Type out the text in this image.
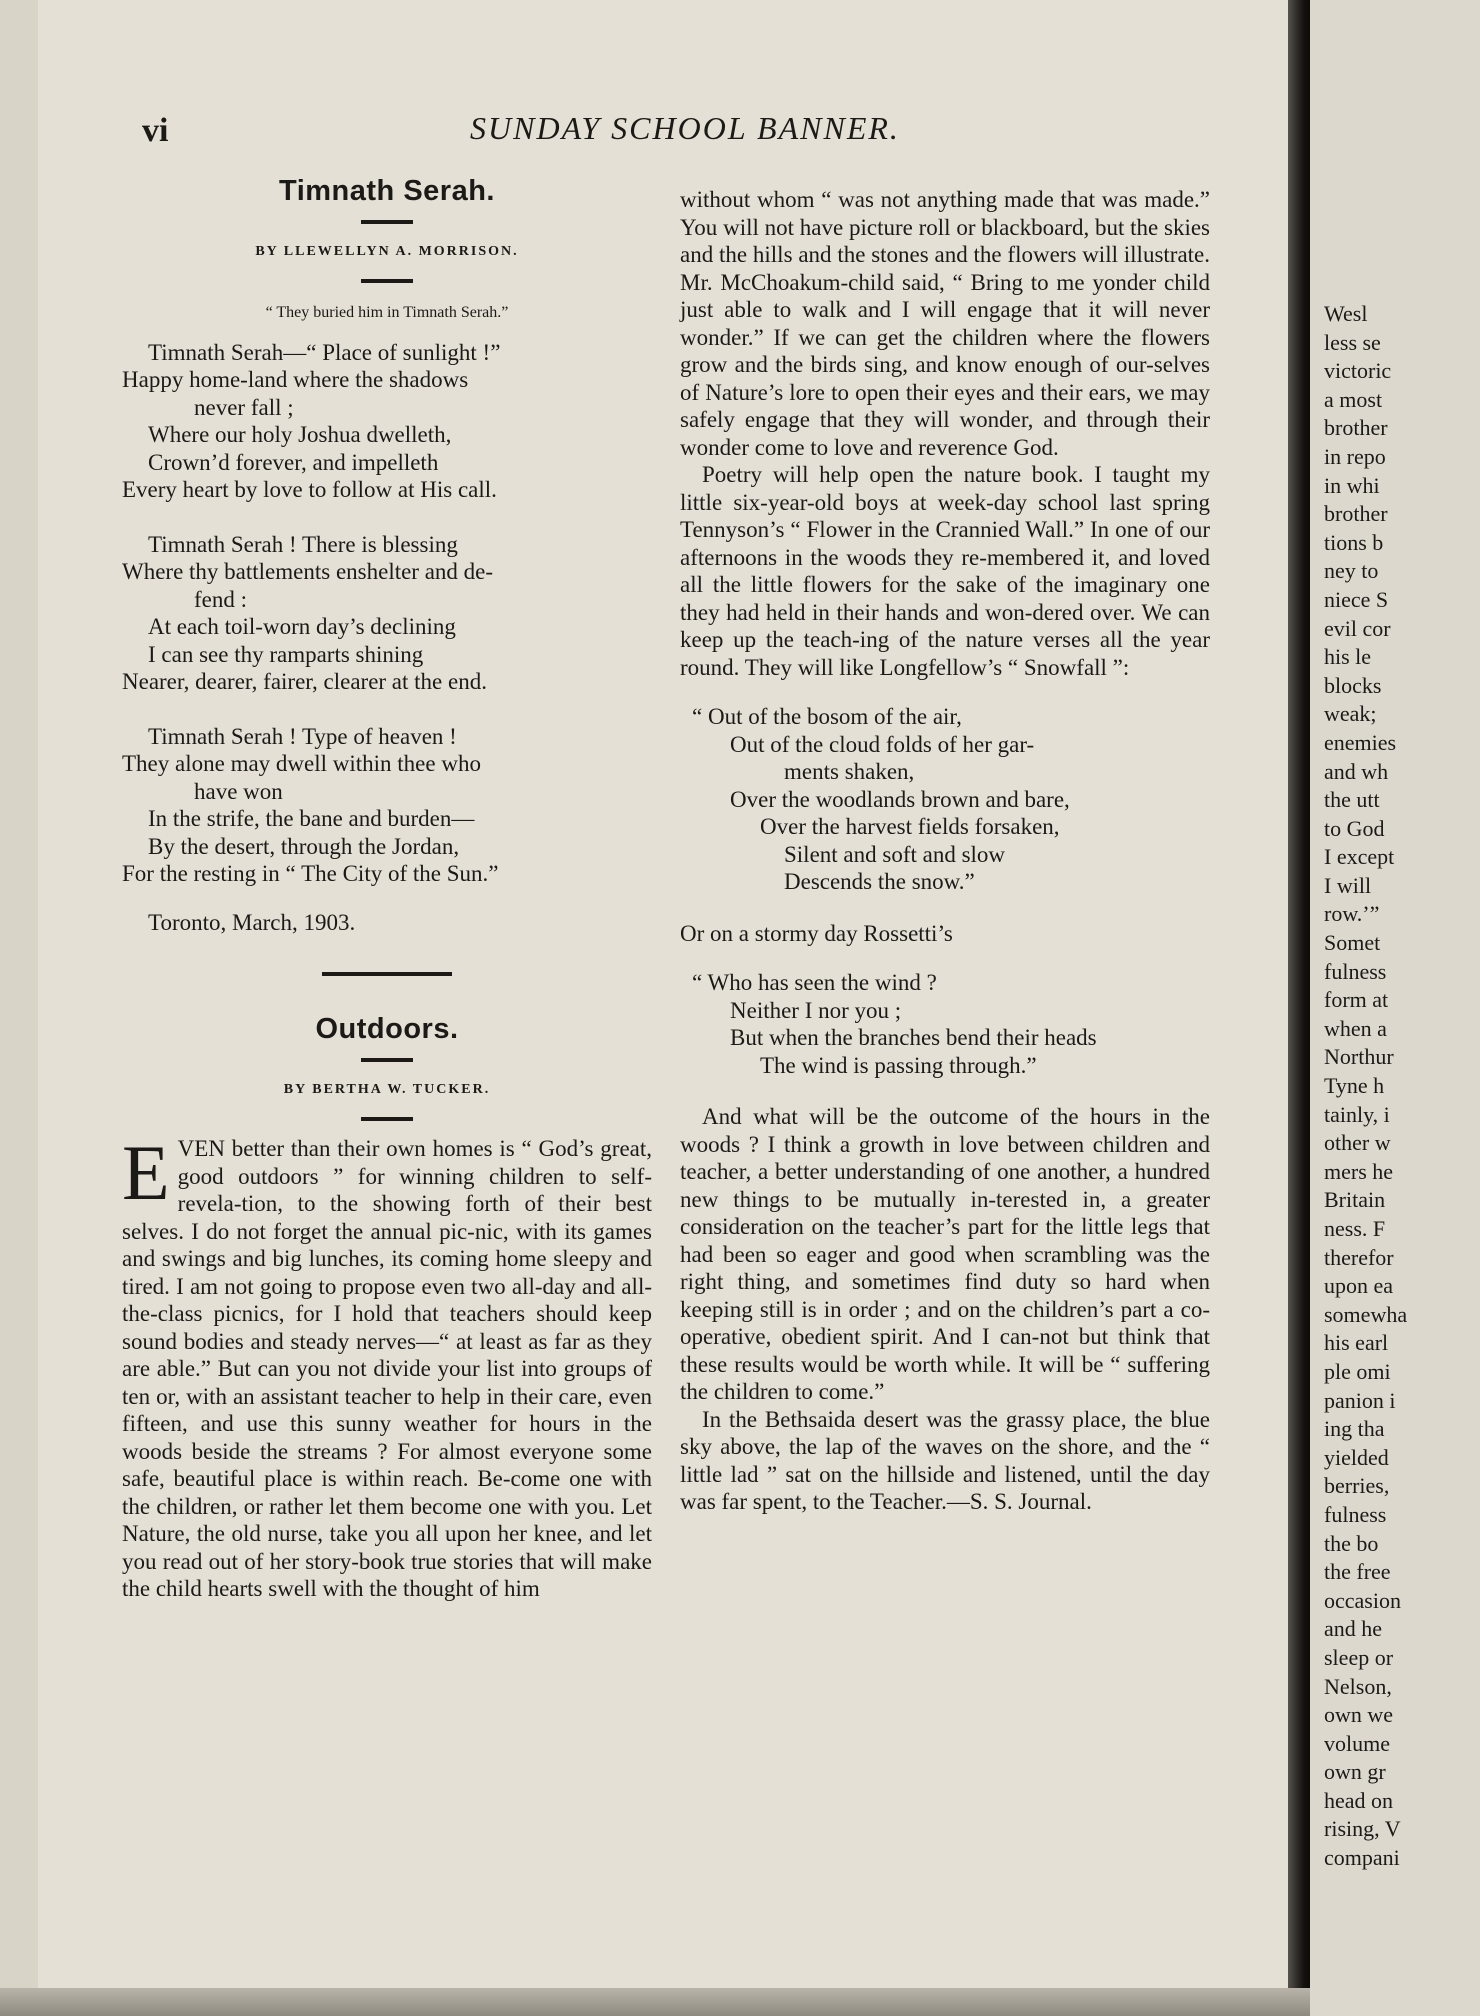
Wesl
less se
victoric
a most
brother
in repo
in whi
brother
tions b
ney to
niece S
evil cor
his le
blocks
weak;
enemies
and wh
the utt
to God
I except
I will
row.’”
Somet
fulness
form at
when a
Northur
Tyne h
tainly, i
other w
mers he
Britain
ness. F
therefor
upon ea
somewha
his earl
ple omi
panion i
ing tha
yielded
berries,
fulness
the bo
the free
occasion
and he
sleep or
Nelson,
own we
volume
own gr
head on
rising, V
compani
vi	SUNDAY SCHOOL BANNER.
Timnath Serah.
BY LLEWELLYN A. MORRISON.
“ They buried him in Timnath Serah.”
Timnath Serah—“ Place of sunlight !”
Happy home-land where the shadows
never fall ;
Where our holy Joshua dwelleth,
Crown’d forever, and impelleth
Every heart by love to follow at His call.
Timnath Serah ! There is blessing
Where thy battlements enshelter and de-
fend :
At each toil-worn day’s declining
I can see thy ramparts shining
Nearer, dearer, fairer, clearer at the end.
Timnath Serah ! Type of heaven !
They alone may dwell within thee who
have won
In the strife, the bane and burden—
By the desert, through the Jordan,
For the resting in “ The City of the Sun.”
Toronto, March, 1903.
Outdoors.
BY BERTHA W. TUCKER.
E VEN better than their own homes is “ God’s great, good outdoors ” for winning children to self-revela-tion, to the showing forth of their best selves. I do not forget the annual pic-nic, with its games and swings and big lunches, its coming home sleepy and tired. I am not going to propose even two all-day and all-the-class picnics, for I hold that teachers should keep sound bodies and steady nerves—“ at least as far as they are able.” But can you not divide your list into groups of ten or, with an assistant teacher to help in their care, even fifteen, and use this sunny weather for hours in the woods beside the streams ? For almost everyone some safe, beautiful place is within reach. Be-come one with the children, or rather let them become one with you. Let Nature, the old nurse, take you all upon her knee, and let you read out of her story-book true stories that will make the child hearts swell with the thought of him

without whom “ was not anything made that was made.” You will not have picture roll or blackboard, but the skies and the hills and the stones and the flowers will illustrate. Mr. McChoakum-child said, “ Bring to me yonder child just able to walk and I will engage that it will never wonder.” If we can get the children where the flowers grow and the birds sing, and know enough of our-selves of Nature’s lore to open their eyes and their ears, we may safely engage that they will wonder, and through their wonder come to love and reverence God.

Poetry will help open the nature book. I taught my little six-year-old boys at week-day school last spring Tennyson’s “ Flower in the Crannied Wall.” In one of our afternoons in the woods they re-membered it, and loved all the little flowers for the sake of the imaginary one they had held in their hands and won-dered over. We can keep up the teach-ing of the nature verses all the year round. They will like Longfellow’s “ Snowfall ”:

“ Out of the bosom of the air,
Out of the cloud folds of her gar-
ments shaken,
Over the woodlands brown and bare,
Over the harvest fields forsaken,
Silent and soft and slow
Descends the snow.”

Or on a stormy day Rossetti’s

“ Who has seen the wind ?
Neither I nor you ;
But when the branches bend their heads
The wind is passing through.”

And what will be the outcome of the hours in the woods ? I think a growth in love between children and teacher, a better understanding of one another, a hundred new things to be mutually in-terested in, a greater consideration on the teacher’s part for the little legs that had been so eager and good when scrambling was the right thing, and sometimes find duty so hard when keeping still is in order ; and on the children’s part a co-operative, obedient spirit. And I can-not but think that these results would be worth while. It will be “ suffering the children to come.”

In the Bethsaida desert was the grassy place, the blue sky above, the lap of the waves on the shore, and the “ little lad ” sat on the hillside and listened, until the day was far spent, to the Teacher.—S. S. Journal.
